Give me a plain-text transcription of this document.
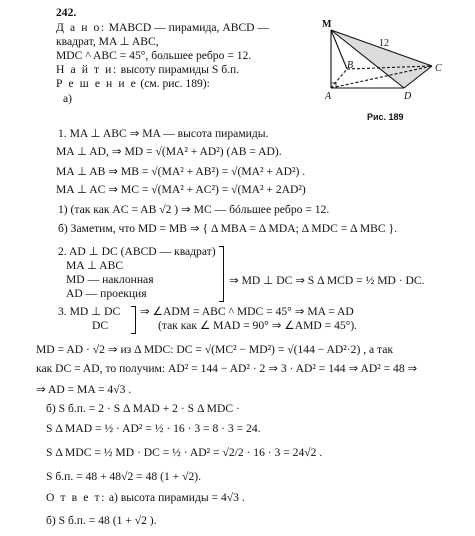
242.
Д а н о: MABCD — пирамида, ABCD —
квадрат, MA ⊥ ABC,
MDC ^ ABC = 45°, большее ребро = 12.
Н а й т и: высоту пирамиды S б.п.
Р е ш е н и е (см. рис. 189):
а)
M
12
B	C
A	D
Рис. 189
1. MA ⊥ ABC ⇒ MA — высота пирамиды.
MA ⊥ AD, ⇒ MD = √(MA² + AD²) (AB = AD).
MA ⊥ AB ⇒ MB = √(MA² + AB²) = √(MA² + AD²) .
MA ⊥ AC ⇒ MC = √(MA² + AC²) = √(MA² + 2AD²)
1) (так как AC = AB √2 ) ⇒ MC — бóльшее ребро = 12.
б) Заметим, что MD = MB ⇒ { Δ MBA = Δ MDA; Δ MDC = Δ MBC }.
2. AD ⊥ DC (ABCD — квадрат)
MA ⊥ ABC
MD — наклонная
AD — проекция
⇒ MD ⊥ DC ⇒ S Δ MCD = ½ MD · DC.
3. MD ⊥ DC
DC
⇒ ∠ADM = ABC ^ MDC = 45° ⇒ MA = AD
(так как ∠ MAD = 90° ⇒ ∠AMD = 45°).
MD = AD · √2 ⇒ из Δ MDC: DC = √(MC² − MD²) = √(144 − AD²·2) , а так
как DC = AD, то получим: AD² = 144 − AD² · 2 ⇒ 3 · AD² = 144 ⇒ AD² = 48 ⇒
⇒ AD = MA = 4√3 .
б) S б.п. = 2 · S Δ MAD + 2 · S Δ MDC ·
S Δ MAD = ½ · AD² = ½ · 16 · 3 = 8 · 3 = 24.
S Δ MDC = ½ MD · DC = ½ · AD² = √2/2 · 16 · 3 = 24√2 .
S б.п. = 48 + 48√2 = 48 (1 + √2).
О т в е т: а) высота пирамиды = 4√3 .
б) S б.п. = 48 (1 + √2 ).
